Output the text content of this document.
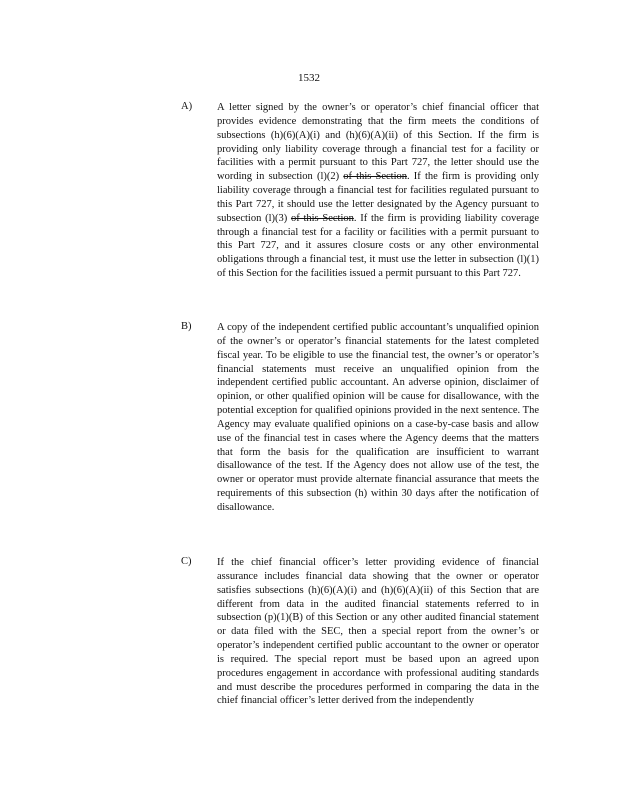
1532
A) A letter signed by the owner’s or operator’s chief financial officer that provides evidence demonstrating that the firm meets the conditions of subsections (h)(6)(A)(i) and (h)(6)(A)(ii) of this Section. If the firm is providing only liability coverage through a financial test for a facility or facilities with a permit pursuant to this Part 727, the letter should use the wording in subsection (l)(2) of this Section. If the firm is providing only liability coverage through a financial test for facilities regulated pursuant to this Part 727, it should use the letter designated by the Agency pursuant to subsection (l)(3) of this Section. If the firm is providing liability coverage through a financial test for a facility or facilities with a permit pursuant to this Part 727, and it assures closure costs or any other environmental obligations through a financial test, it must use the letter in subsection (l)(1) of this Section for the facilities issued a permit pursuant to this Part 727.
B) A copy of the independent certified public accountant’s unqualified opinion of the owner’s or operator’s financial statements for the latest completed fiscal year. To be eligible to use the financial test, the owner’s or operator’s financial statements must receive an unqualified opinion from the independent certified public accountant. An adverse opinion, disclaimer of opinion, or other qualified opinion will be cause for disallowance, with the potential exception for qualified opinions provided in the next sentence. The Agency may evaluate qualified opinions on a case-by-case basis and allow use of the financial test in cases where the Agency deems that the matters that form the basis for the qualification are insufficient to warrant disallowance of the test. If the Agency does not allow use of the test, the owner or operator must provide alternate financial assurance that meets the requirements of this subsection (h) within 30 days after the notification of disallowance.
C) If the chief financial officer’s letter providing evidence of financial assurance includes financial data showing that the owner or operator satisfies subsections (h)(6)(A)(i) and (h)(6)(A)(ii) of this Section that are different from data in the audited financial statements referred to in subsection (p)(1)(B) of this Section or any other audited financial statement or data filed with the SEC, then a special report from the owner’s or operator’s independent certified public accountant to the owner or operator is required. The special report must be based upon an agreed upon procedures engagement in accordance with professional auditing standards and must describe the procedures performed in comparing the data in the chief financial officer’s letter derived from the independently
